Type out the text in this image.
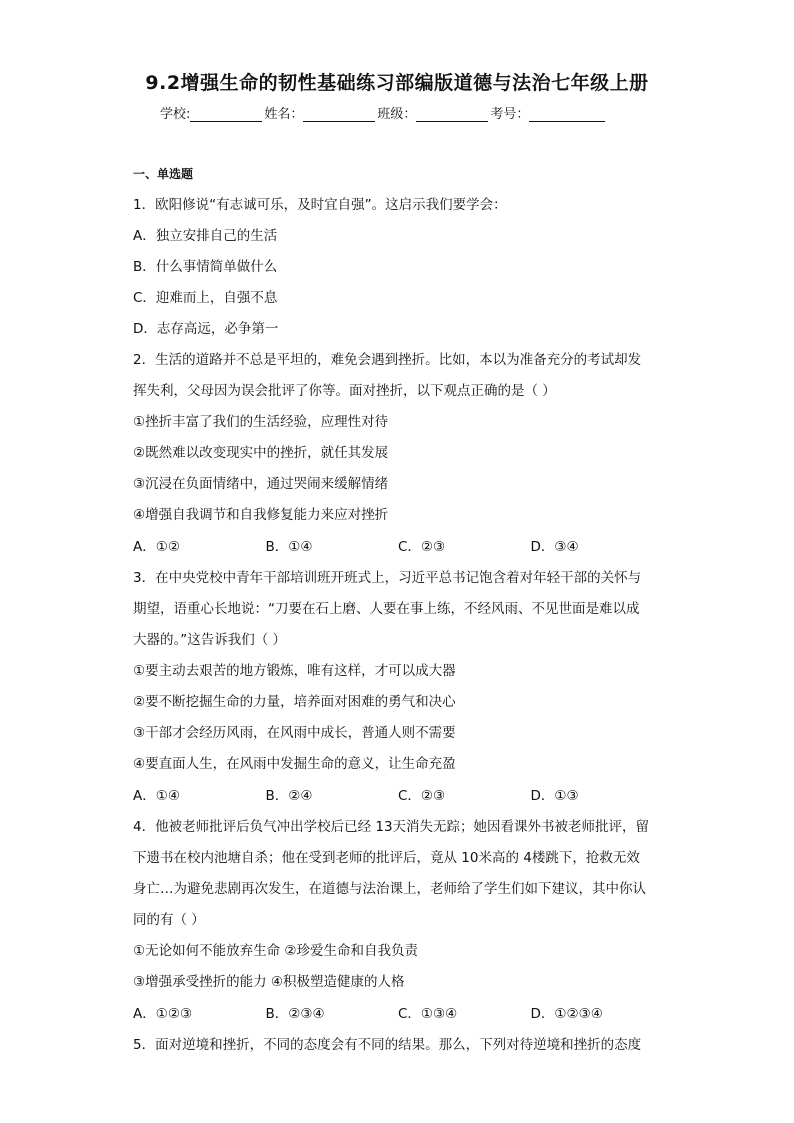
9.2增强生命的韧性基础练习部编版道德与法治七年级上册
学校:	姓名：	班级：	考号：
一、单选题
1．欧阳修说“有志诚可乐，及时宜自强”。这启示我们要学会：
A．独立安排自己的生活
B．什么事情简单做什么
C．迎难而上，自强不息
D．志存高远，必争第一
2．生活的道路并不总是平坦的，难免会遇到挫折。比如，本以为准备充分的考试却发
挥失利，父母因为误会批评了你等。面对挫折，以下观点正确的是（ ）
①挫折丰富了我们的生活经验，应理性对待
②既然难以改变现实中的挫折，就任其发展
③沉浸在负面情绪中，通过哭闹来缓解情绪
④增强自我调节和自我修复能力来应对挫折
A．①②	B．①④	C．②③	D．③④
3．在中央党校中青年干部培训班开班式上，习近平总书记饱含着对年轻干部的关怀与
期望，语重心长地说：“刀要在石上磨、人要在事上练，不经风雨、不见世面是难以成
大器的。”这告诉我们（ ）
①要主动去艰苦的地方锻炼，唯有这样，才可以成大器
②要不断挖掘生命的力量，培养面对困难的勇气和决心
③干部才会经历风雨，在风雨中成长，普通人则不需要
④要直面人生，在风雨中发掘生命的意义，让生命充盈
A．①④	B．②④	C．②③	D．①③
4．他被老师批评后负气冲出学校后已经 13天消失无踪；她因看课外书被老师批评，留
下遗书在校内池塘自杀；他在受到老师的批评后，竟从 10米高的 4楼跳下，抢救无效
身亡…为避免悲剧再次发生，在道德与法治课上，老师给了学生们如下建议，其中你认
同的有（ ）
①无论如何不能放弃生命 ②珍爱生命和自我负责
③增强承受挫折的能力 ④积极塑造健康的人格
A．①②③	B．②③④	C．①③④	D．①②③④
5．面对逆境和挫折，不同的态度会有不同的结果。那么，下列对待逆境和挫折的态度
